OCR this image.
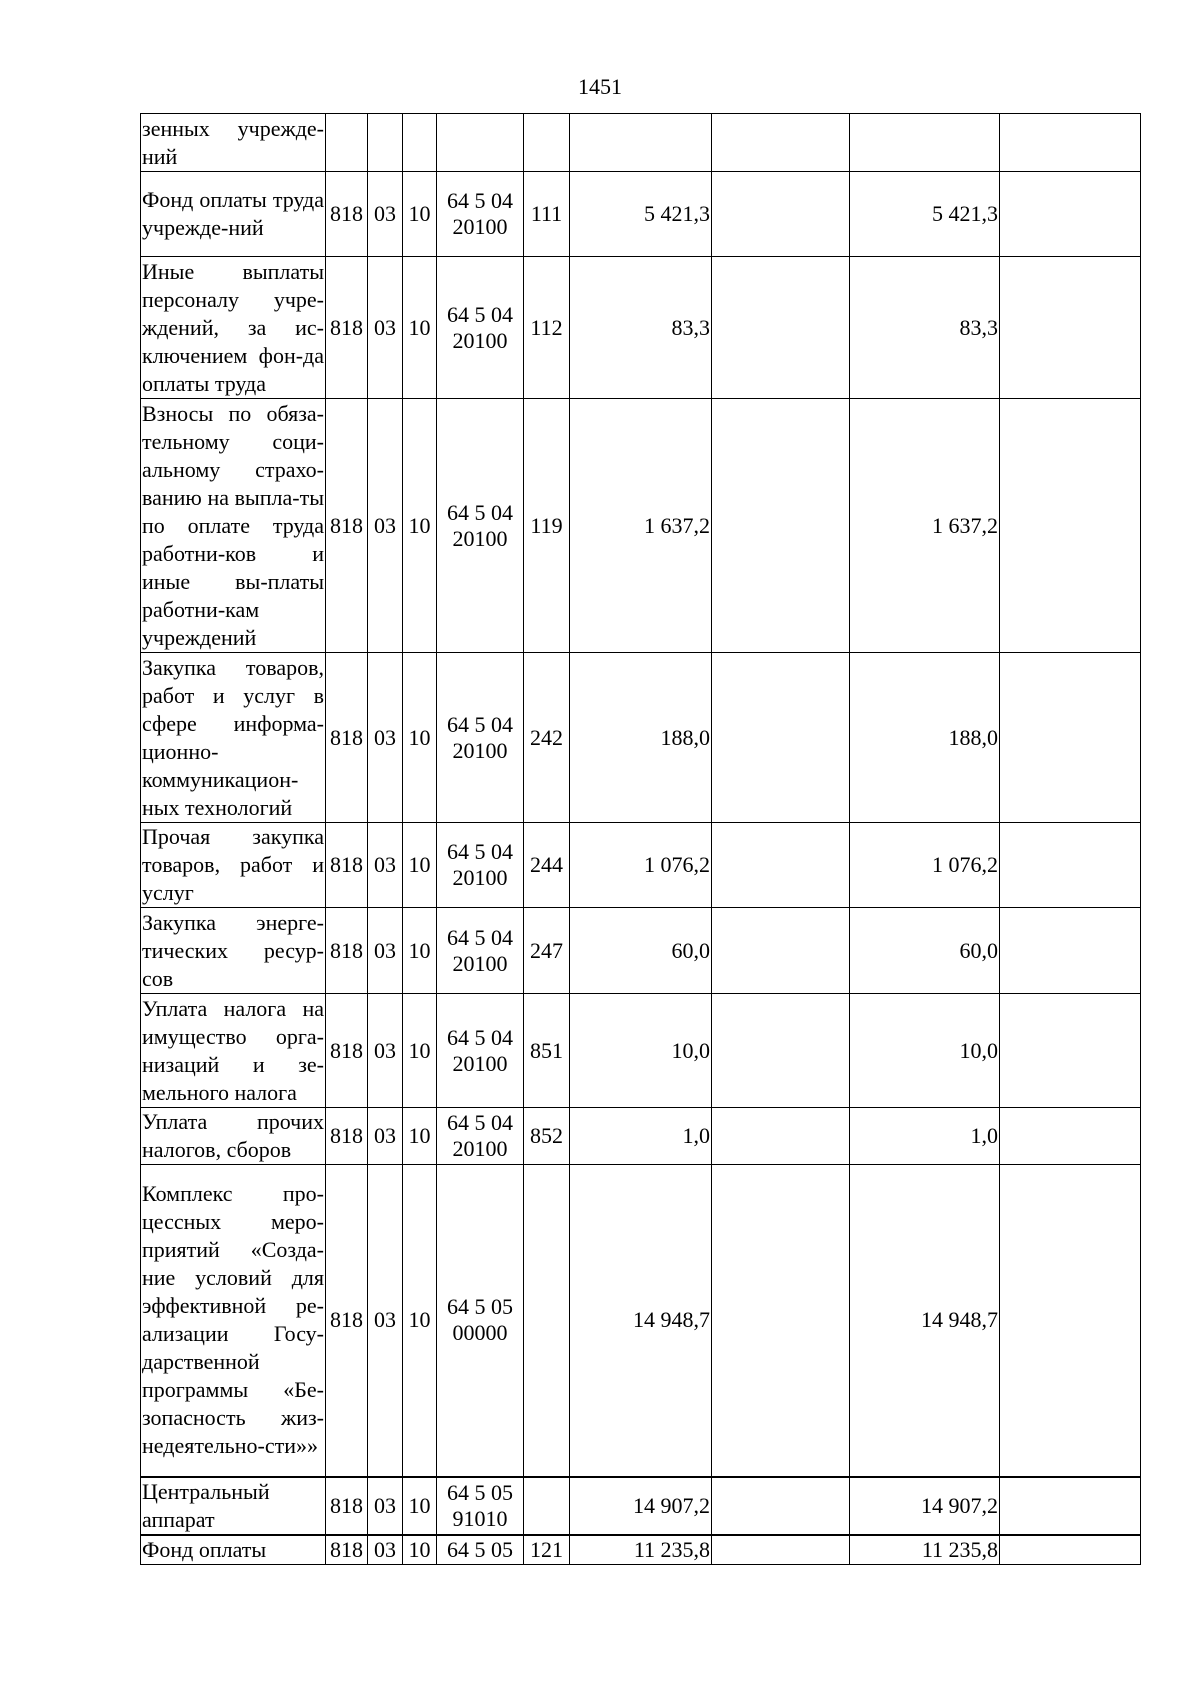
1451
зенных учрежде-ний									
Фонд оплаты труда учрежде-ний	818	03	10	64 5 04 20100	111	5 421,3		5 421,3	
Иные выплаты персоналу учре-ждений, за ис-ключением фон-да оплаты труда	818	03	10	64 5 04 20100	112	83,3		83,3	
Взносы по обяза-тельному соци-альному страхо-ванию на выпла-ты по оплате труда работни-ков и иные вы-платы работни-кам учреждений	818	03	10	64 5 04 20100	119	1 637,2		1 637,2	
Закупка товаров, работ и услуг в сфере информа-ционно-коммуникацион-ных технологий	818	03	10	64 5 04 20100	242	188,0		188,0	
Прочая закупка товаров, работ и услуг	818	03	10	64 5 04 20100	244	1 076,2		1 076,2	
Закупка энерге-тических ресур-сов	818	03	10	64 5 04 20100	247	60,0		60,0	
Уплата налога на имущество орга-низаций и зе-мельного налога	818	03	10	64 5 04 20100	851	10,0		10,0	
Уплата прочих налогов, сборов	818	03	10	64 5 04 20100	852	1,0		1,0	
Комплекс про-цессных меро-приятий «Созда-ние условий для эффективной ре-ализации Госу-дарственной программы «Бе-зопасность жиз-недеятельно-сти»»	818	03	10	64 5 05 00000		14 948,7		14 948,7	
Центральный аппарат	818	03	10	64 5 05 91010		14 907,2		14 907,2	
Фонд оплаты	818	03	10	64 5 05	121	11 235,8		11 235,8	
